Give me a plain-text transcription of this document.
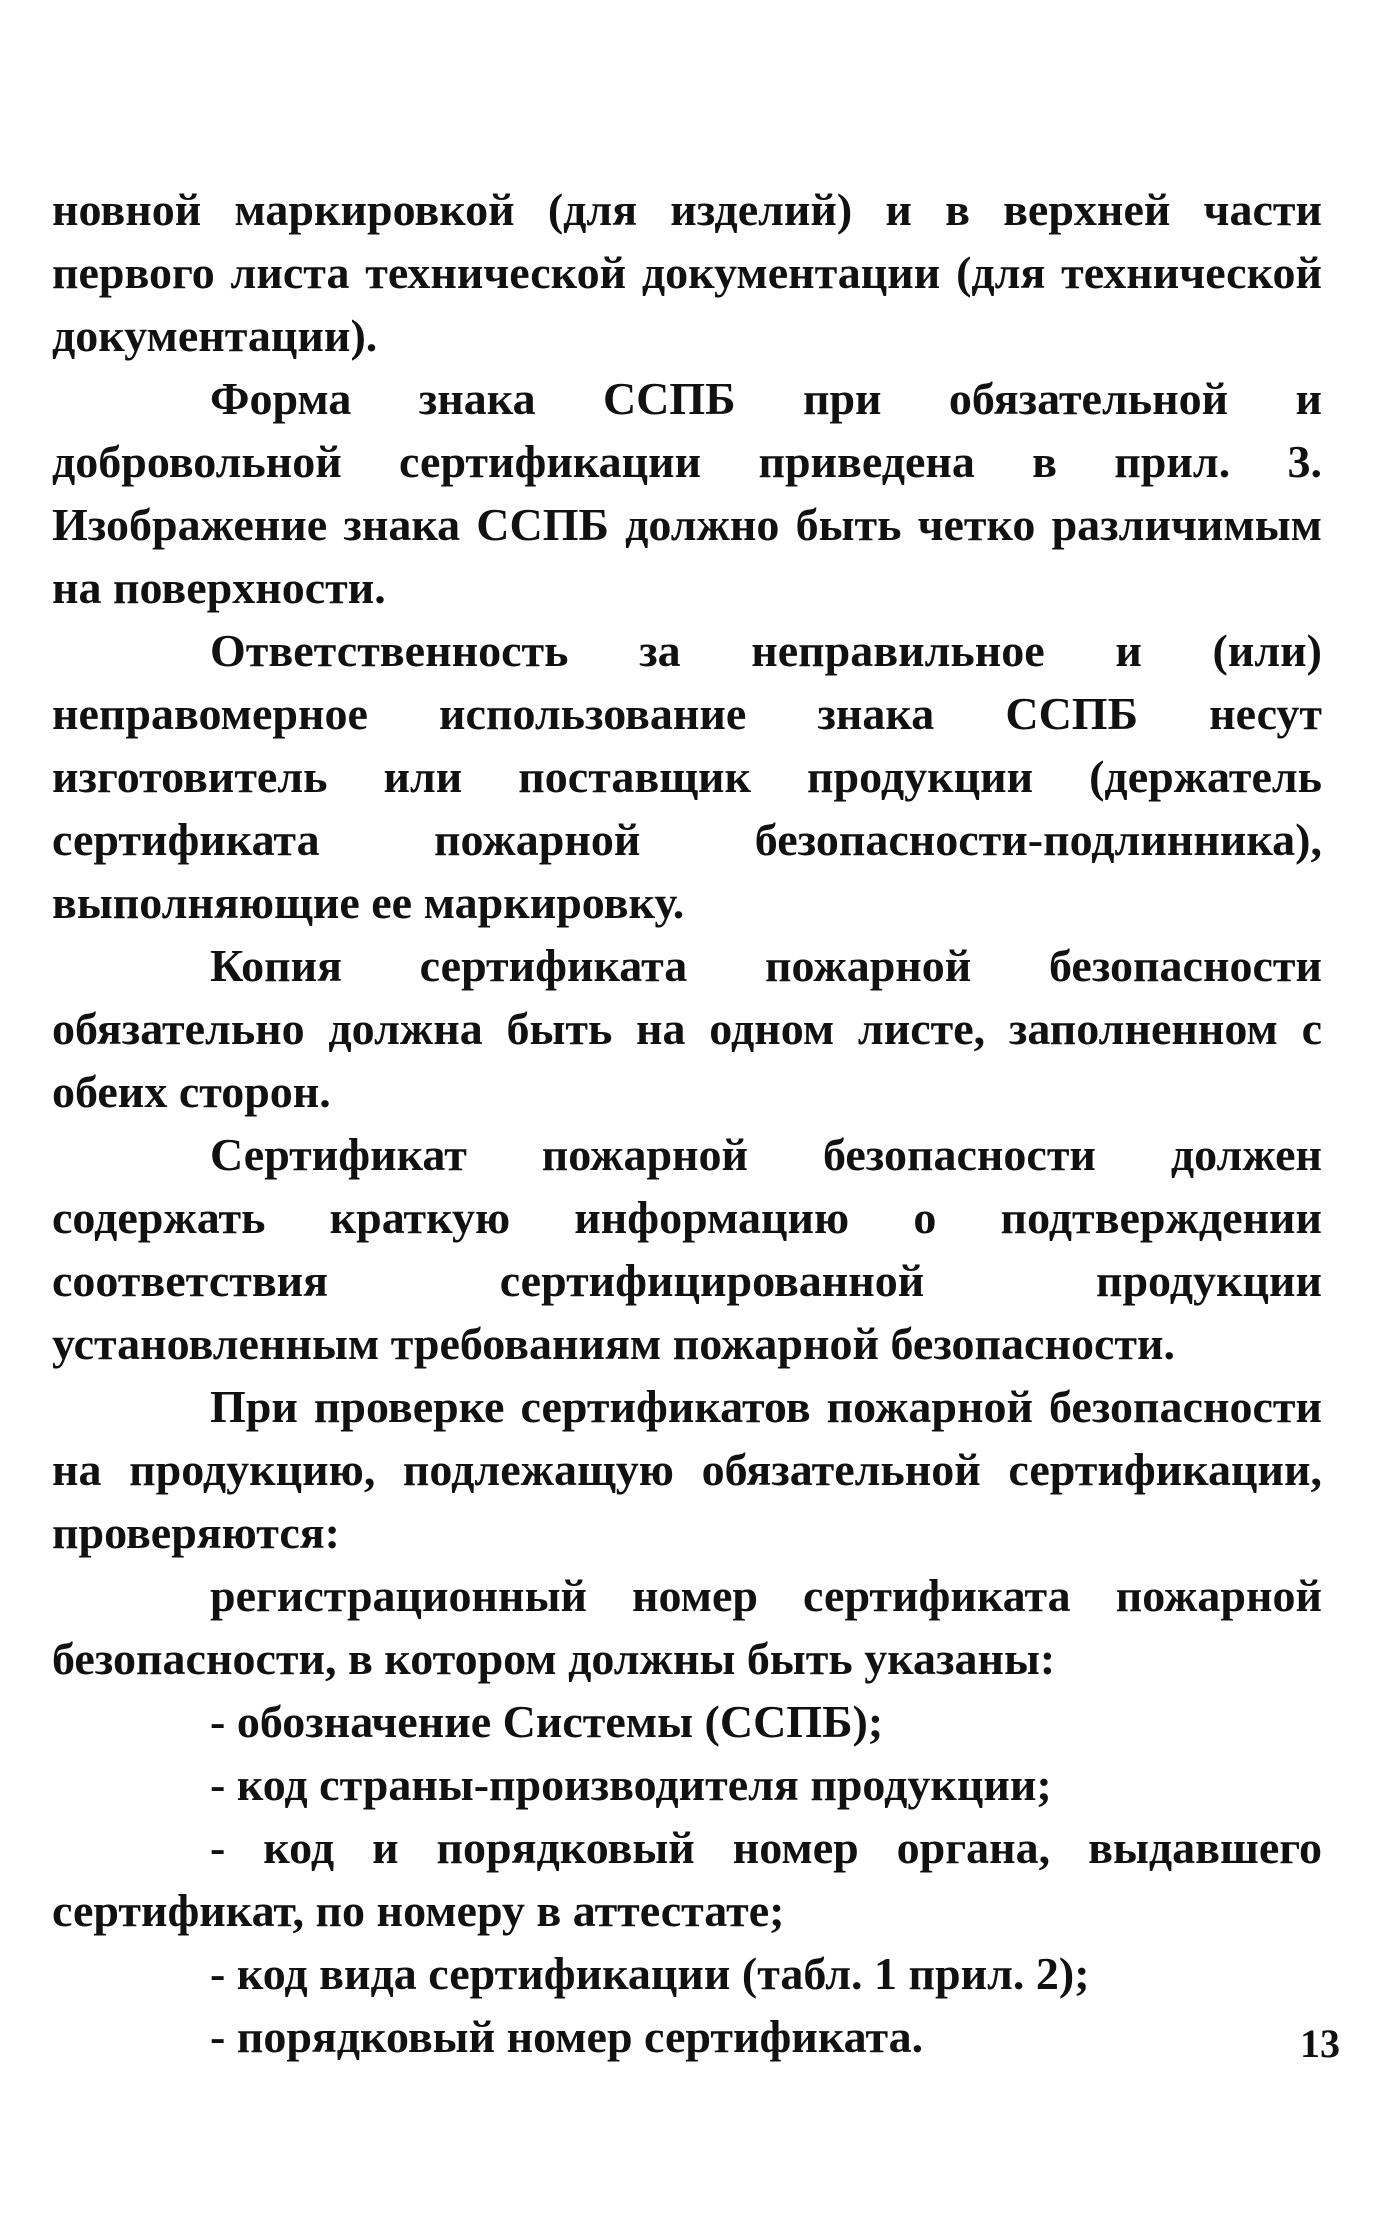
новной маркировкой (для изделий) и в верхней части первого листа технической документации (для технической документации).

Форма знака ССПБ при обязательной и добровольной сертификации приведена в прил. 3. Изображение знака ССПБ должно быть четко различимым на поверхности.

Ответственность за неправильное и (или) неправомерное использование знака ССПБ несут изготовитель или поставщик продукции (держатель сертификата пожарной безопасности-подлинника), выполняющие ее маркировку.

Копия сертификата пожарной безопасности обязательно должна быть на одном листе, заполненном с обеих сторон.

Сертификат пожарной безопасности должен содержать краткую информацию о подтверждении соответствия сертифицированной продукции установленным требованиям пожарной безопасности.

При проверке сертификатов пожарной безопасности на продукцию, подлежащую обязательной сертификации, проверяются:

регистрационный номер сертификата пожарной безопасности, в котором должны быть указаны:

- обозначение Системы (ССПБ);

- код страны-производителя продукции;

- код и порядковый номер органа, выдавшего сертификат, по номеру в аттестате;

- код вида сертификации (табл. 1 прил. 2);

- порядковый номер сертификата.	13
